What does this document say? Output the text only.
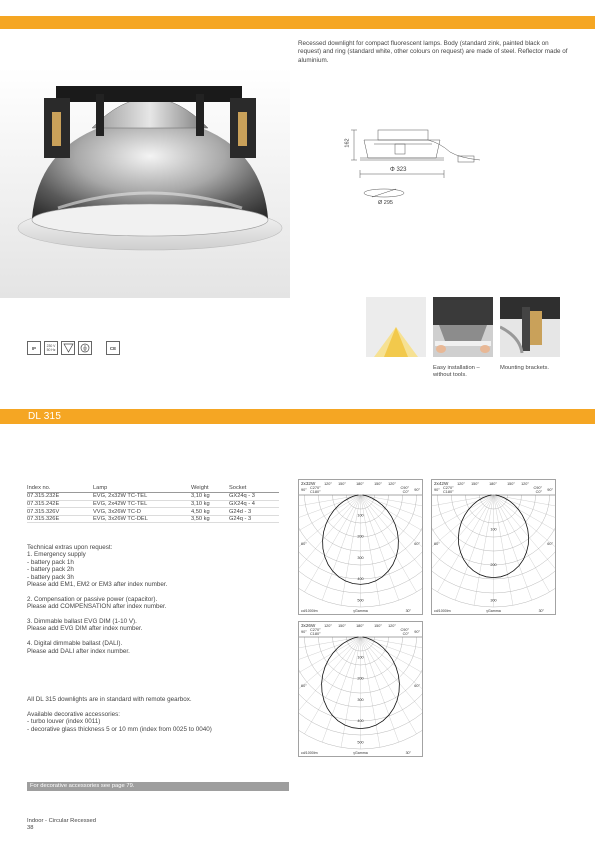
Recessed downlight for compact fluorescent lamps. Body (standard zink, painted black on request) and ring (standard white, other colours on request) are made of steel. Reflector made of aluminium.
162
Φ 323
Ø 295
IP	230 V 50 Hz	CE
Easy installation – without tools.
Mounting brackets.
DL 315
Index no.	Lamp	Weight	Socket
07.315.232E	EVG, 2x32W TC-TEL	3,10 kg	GX24q - 3
07.315.242E	EVG, 2x42W TC-TEL	3,10 kg	GX24q - 4
07.315.326V	VVG, 3x26W TC-D	4,50 kg	G24d - 3
07.315.326E	EVG, 3x26W TC-DEL	3,50 kg	G24q - 3

Technical extras upon request:
1. Emergency supply
- battery pack 1h
- battery pack 2h
- battery pack 3h
Please add EM1, EM2 or EM3 after index number.

2. Compensation or passive power (capacitor).
Please add COMPENSATION after index number.

3. Dimmable ballast EVG DIM (1-10 V).
Please add EVG DIM after index number.

4. Digital dimmable ballast (DALI).
Please add DALI after index number.

All DL 315 downlights are in standard with remote gearbox.

Available decorative accessories:
- turbo louver (index 0011)
- decorative glass thickness 5 or 10 mm (index from 0025 to 0040)

2x32W 120° 150°	180°	150° 120°
90°	90°
C270°
C180°
C90°
C0°
60°	60°
100
200
300
400
500
cd/1000lm	γGamma	30°
2x42W 120° 150°	180°	150° 120°
90°	90°
C270°
C180°
C90°
C0°
60°	60°
100
200
300
cd/1000lm	γGamma	30°
3x26W 120° 150°	180°	150° 120°
90°	90°
C270°
C180°
C90°
C0°
60°	60°
100
200
300
400
500
cd/1000lm	γGamma	30°
For decorative accessories see page 79.
Indoor - Circular Recessed
38
